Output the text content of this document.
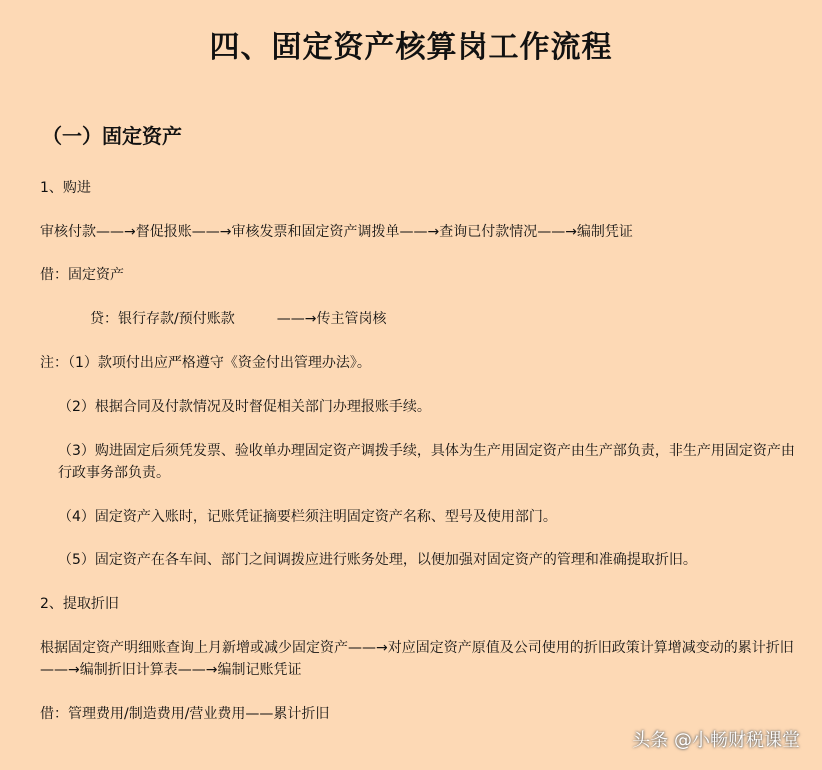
四、固定资产核算岗工作流程
（一）固定资产
1、购进
审核付款——→督促报账——→审核发票和固定资产调拨单——→查询已付款情况——→编制凭证
借：固定资产
贷：银行存款/预付账款　　　——→传主管岗核
注：（1）款项付出应严格遵守《资金付出管理办法》。
（2）根据合同及付款情况及时督促相关部门办理报账手续。
（3）购进固定后须凭发票、验收单办理固定资产调拨手续，具体为生产用固定资产由生产部负责，非生产用固定资产由行政事务部负责。
（4）固定资产入账时，记账凭证摘要栏须注明固定资产名称、型号及使用部门。
（5）固定资产在各车间、部门之间调拨应进行账务处理，以便加强对固定资产的管理和准确提取折旧。
2、提取折旧
根据固定资产明细账查询上月新增或减少固定资产——→对应固定资产原值及公司使用的折旧政策计算增减变动的累计折旧——→编制折旧计算表——→编制记账凭证
借：管理费用/制造费用/营业费用——累计折旧
头条 @小畅财税课堂
